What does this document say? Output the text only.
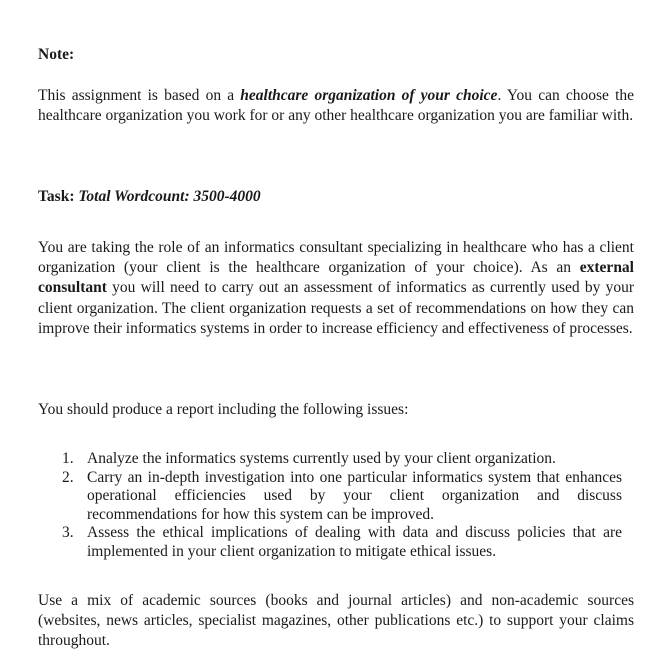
Note:

This assignment is based on a healthcare organization of your choice. You can choose the healthcare organization you work for or any other healthcare organization you are familiar with.

Task: Total Wordcount: 3500-4000

You are taking the role of an informatics consultant specializing in healthcare who has a client organization (your client is the healthcare organization of your choice). As an external consultant you will need to carry out an assessment of informatics as currently used by your client organization. The client organization requests a set of recommendations on how they can improve their informatics systems in order to increase efficiency and effectiveness of processes.

You should produce a report including the following issues:

1. Analyze the informatics systems currently used by your client organization.
2. Carry an in-depth investigation into one particular informatics system that enhances operational efficiencies used by your client organization and discuss recommendations for how this system can be improved.
3. Assess the ethical implications of dealing with data and discuss policies that are implemented in your client organization to mitigate ethical issues.

Use a mix of academic sources (books and journal articles) and non-academic sources (websites, news articles, specialist magazines, other publications etc.) to support your claims throughout.
